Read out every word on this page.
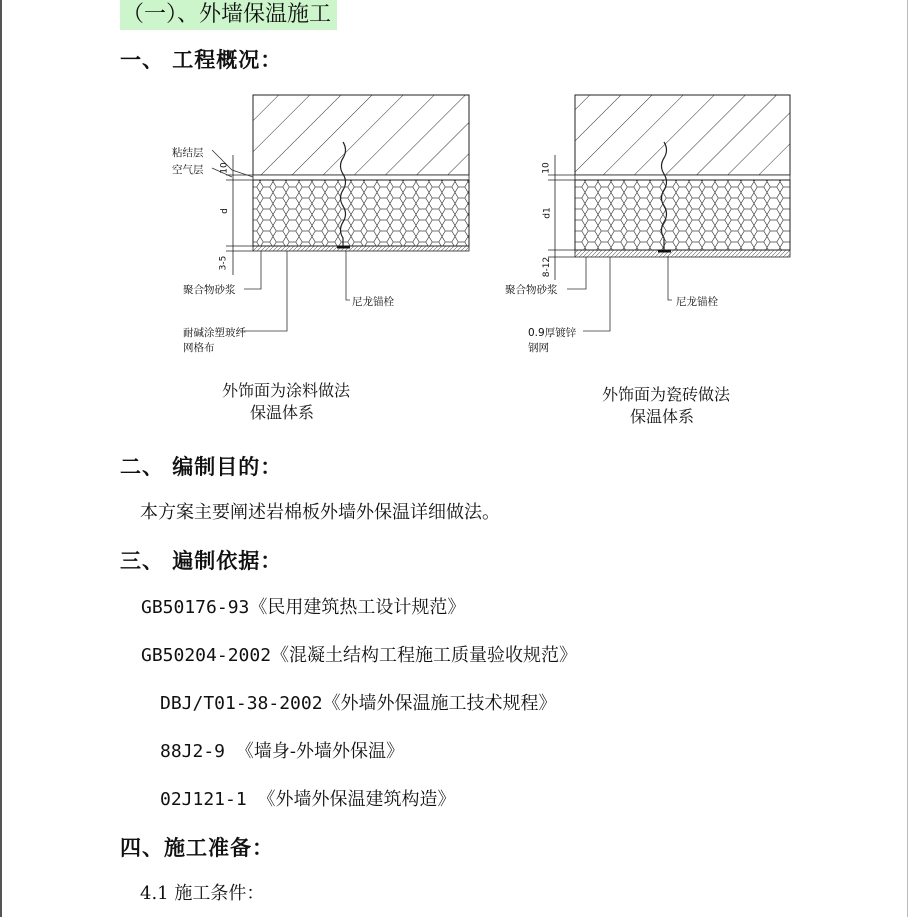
（一）、外墙保温施工
一、 工程概况：
粘结层
空气层
聚合物砂浆
尼龙锚栓
耐碱涂塑玻纤
网格布
10
d
3-5
聚合物砂浆
尼龙锚栓
0.9厚镀锌
钢网
10
d1
8-12
外饰面为涂料做法
保温体系
外饰面为瓷砖做法
保温体系
二、 编制目的：
本方案主要阐述岩棉板外墙外保温详细做法。
三、 遍制依据：
GB50176-93《民用建筑热工设计规范》
GB50204-2002《混凝土结构工程施工质量验收规范》
DBJ/T01-38-2002《外墙外保温施工技术规程》
88J2-9 《墙身-外墙外保温》
02J121-1 《外墙外保温建筑构造》
四、施工准备：
4.1 施工条件：
